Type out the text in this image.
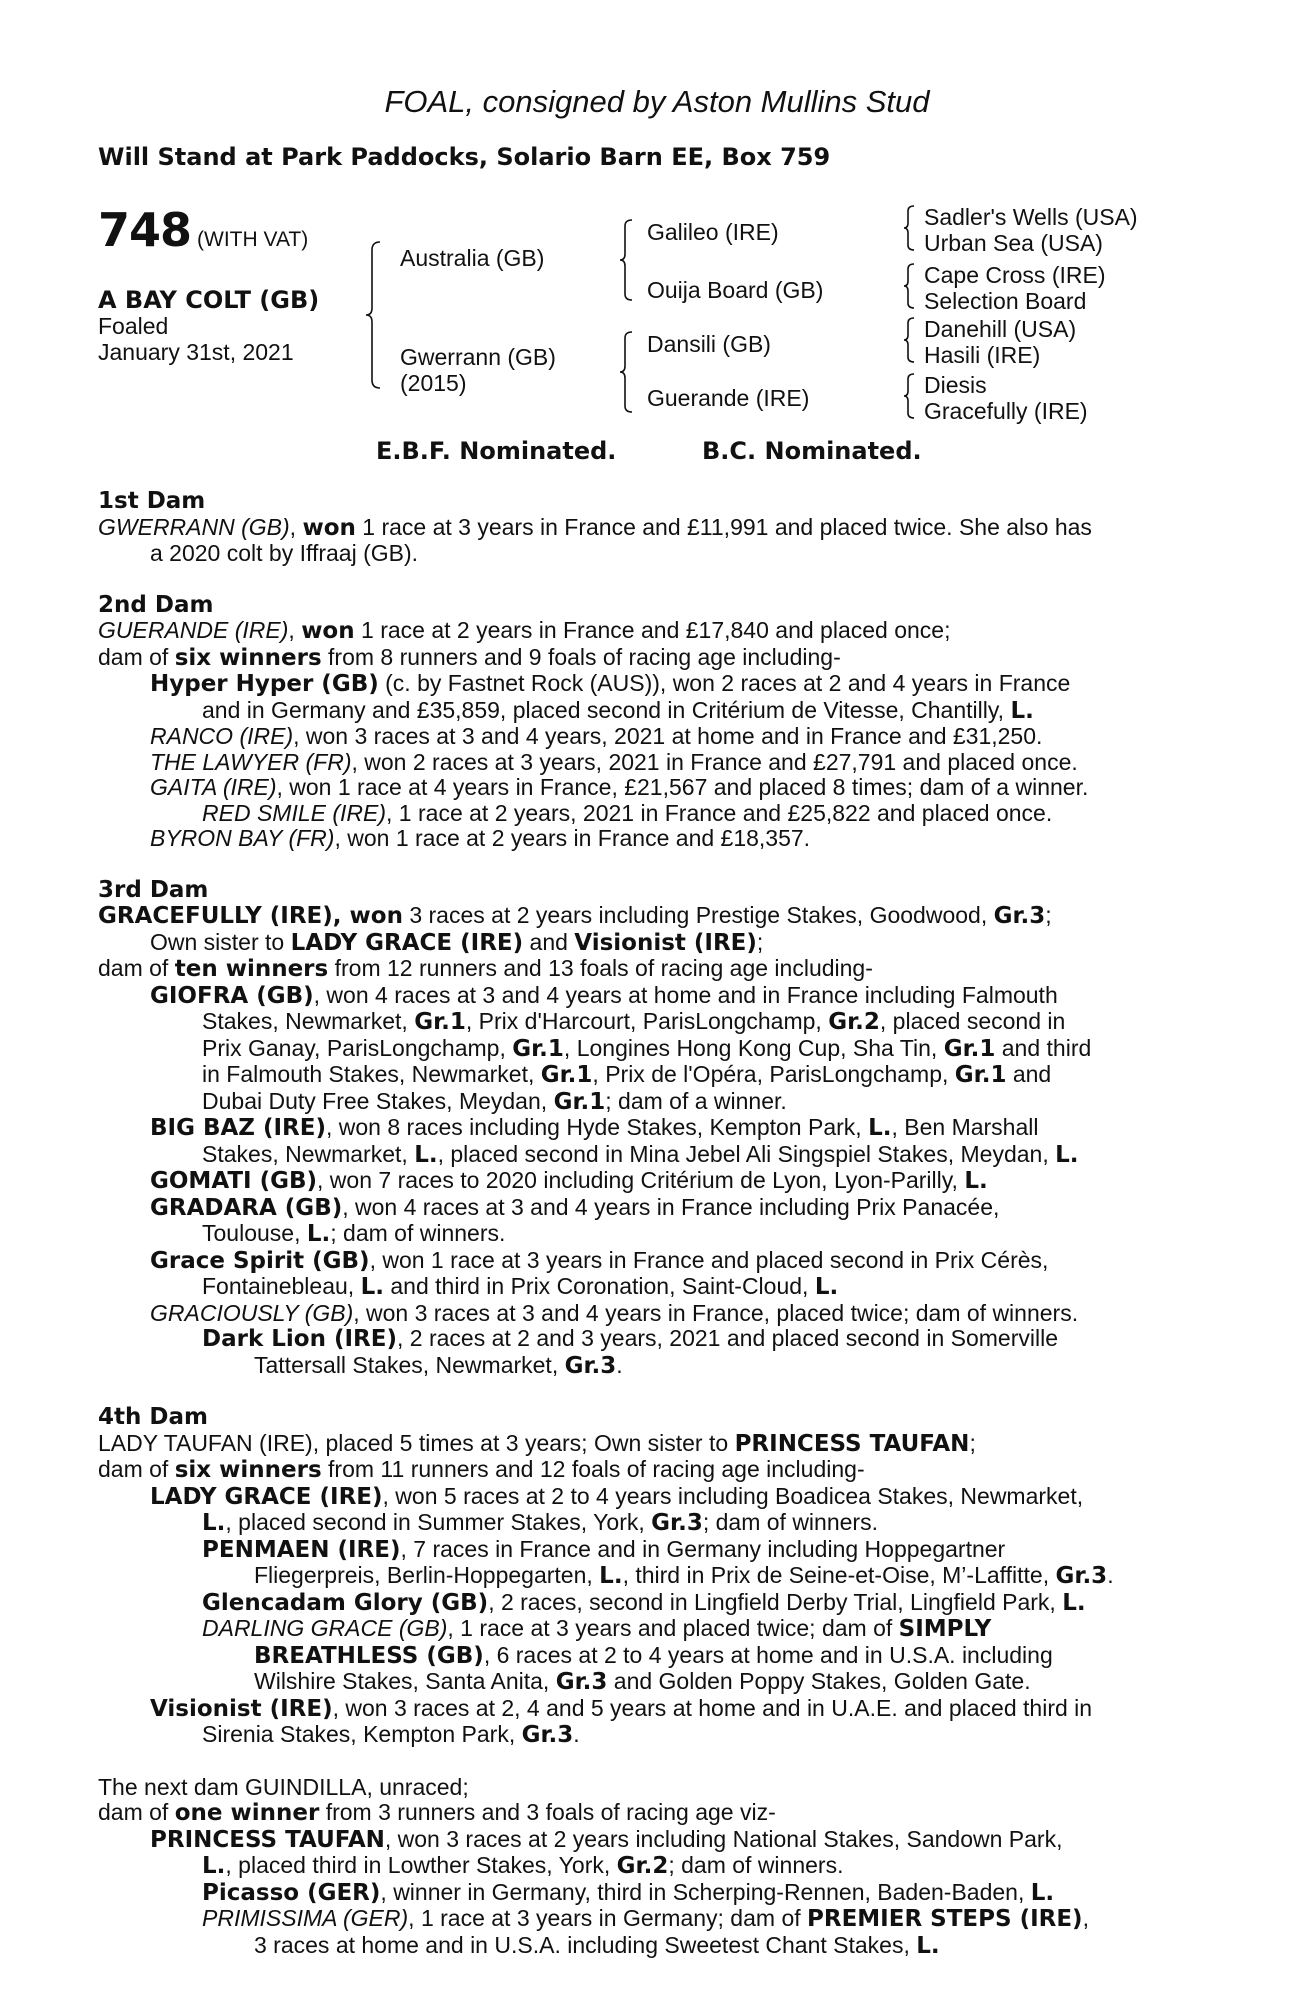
FOAL, consigned by Aston Mullins Stud
Will Stand at Park Paddocks, Solario Barn EE, Box 759
748 (WITH VAT)
A BAY COLT (GB)
Foaled
January 31st, 2021
Australia (GB)
Gwerrann (GB)
(2015)
Galileo (IRE)
Ouija Board (GB)
Dansili (GB)
Guerande (IRE)
Sadler's Wells (USA)
Urban Sea (USA)
Cape Cross (IRE)
Selection Board
Danehill (USA)
Hasili (IRE)
Diesis
Gracefully (IRE)
E.B.F. Nominated.	B.C. Nominated.
1st Dam
GWERRANN (GB), won 1 race at 3 years in France and £11,991 and placed twice. She also has
a 2020 colt by Iffraaj (GB).
2nd Dam
GUERANDE (IRE), won 1 race at 2 years in France and £17,840 and placed once;
dam of six winners from 8 runners and 9 foals of racing age including-
Hyper Hyper (GB) (c. by Fastnet Rock (AUS)), won 2 races at 2 and 4 years in France
and in Germany and £35,859, placed second in Critérium de Vitesse, Chantilly, L.
RANCO (IRE), won 3 races at 3 and 4 years, 2021 at home and in France and £31,250.
THE LAWYER (FR), won 2 races at 3 years, 2021 in France and £27,791 and placed once.
GAITA (IRE), won 1 race at 4 years in France, £21,567 and placed 8 times; dam of a winner.
RED SMILE (IRE), 1 race at 2 years, 2021 in France and £25,822 and placed once.
BYRON BAY (FR), won 1 race at 2 years in France and £18,357.
3rd Dam
GRACEFULLY (IRE), won 3 races at 2 years including Prestige Stakes, Goodwood, Gr.3;
Own sister to LADY GRACE (IRE) and Visionist (IRE);
dam of ten winners from 12 runners and 13 foals of racing age including-
GIOFRA (GB), won 4 races at 3 and 4 years at home and in France including Falmouth
Stakes, Newmarket, Gr.1, Prix d'Harcourt, ParisLongchamp, Gr.2, placed second in
Prix Ganay, ParisLongchamp, Gr.1, Longines Hong Kong Cup, Sha Tin, Gr.1 and third
in Falmouth Stakes, Newmarket, Gr.1, Prix de l'Opéra, ParisLongchamp, Gr.1 and
Dubai Duty Free Stakes, Meydan, Gr.1; dam of a winner.
BIG BAZ (IRE), won 8 races including Hyde Stakes, Kempton Park, L., Ben Marshall
Stakes, Newmarket, L., placed second in Mina Jebel Ali Singspiel Stakes, Meydan, L.
GOMATI (GB), won 7 races to 2020 including Critérium de Lyon, Lyon-Parilly, L.
GRADARA (GB), won 4 races at 3 and 4 years in France including Prix Panacée,
Toulouse, L.; dam of winners.
Grace Spirit (GB), won 1 race at 3 years in France and placed second in Prix Cérès,
Fontainebleau, L. and third in Prix Coronation, Saint-Cloud, L.
GRACIOUSLY (GB), won 3 races at 3 and 4 years in France, placed twice; dam of winners.
Dark Lion (IRE), 2 races at 2 and 3 years, 2021 and placed second in Somerville
Tattersall Stakes, Newmarket, Gr.3.
4th Dam
LADY TAUFAN (IRE), placed 5 times at 3 years; Own sister to PRINCESS TAUFAN;
dam of six winners from 11 runners and 12 foals of racing age including-
LADY GRACE (IRE), won 5 races at 2 to 4 years including Boadicea Stakes, Newmarket,
L., placed second in Summer Stakes, York, Gr.3; dam of winners.
PENMAEN (IRE), 7 races in France and in Germany including Hoppegartner
Fliegerpreis, Berlin-Hoppegarten, L., third in Prix de Seine-et-Oise, M’-Laffitte, Gr.3.
Glencadam Glory (GB), 2 races, second in Lingfield Derby Trial, Lingfield Park, L.
DARLING GRACE (GB), 1 race at 3 years and placed twice; dam of SIMPLY
BREATHLESS (GB), 6 races at 2 to 4 years at home and in U.S.A. including
Wilshire Stakes, Santa Anita, Gr.3 and Golden Poppy Stakes, Golden Gate.
Visionist (IRE), won 3 races at 2, 4 and 5 years at home and in U.A.E. and placed third in
Sirenia Stakes, Kempton Park, Gr.3.
The next dam GUINDILLA, unraced;
dam of one winner from 3 runners and 3 foals of racing age viz-
PRINCESS TAUFAN, won 3 races at 2 years including National Stakes, Sandown Park,
L., placed third in Lowther Stakes, York, Gr.2; dam of winners.
Picasso (GER), winner in Germany, third in Scherping-Rennen, Baden-Baden, L.
PRIMISSIMA (GER), 1 race at 3 years in Germany; dam of PREMIER STEPS (IRE),
3 races at home and in U.S.A. including Sweetest Chant Stakes, L.
